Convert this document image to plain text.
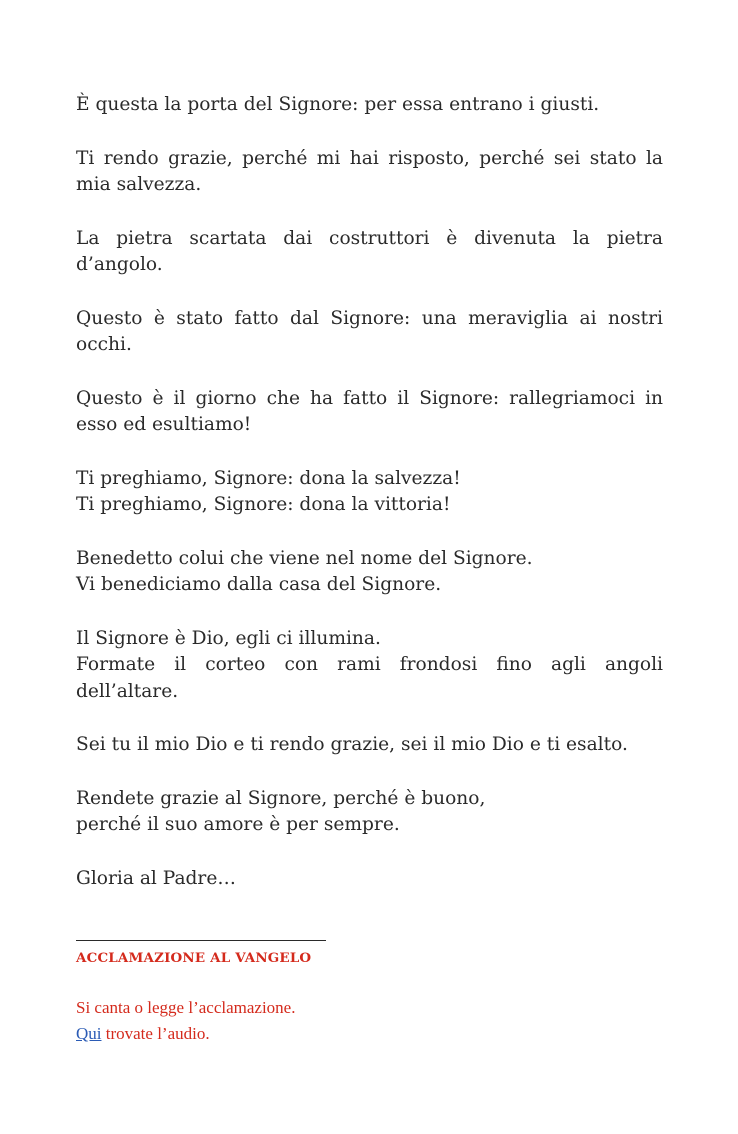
È questa la porta del Signore: per essa entrano i giusti.

Ti rendo grazie, perché mi hai risposto, perché sei stato la mia salvezza.

La pietra scartata dai costruttori è divenuta la pietra d’angolo.

Questo è stato fatto dal Signore: una meraviglia ai nostri occhi.

Questo è il giorno che ha fatto il Signore: rallegriamoci in esso ed esultiamo!

Ti preghiamo, Signore: dona la salvezza!
Ti preghiamo, Signore: dona la vittoria!

Benedetto colui che viene nel nome del Signore.
Vi benediciamo dalla casa del Signore.

Il Signore è Dio, egli ci illumina.
Formate il corteo con rami frondosi fino agli angoli dell’altare.

Sei tu il mio Dio e ti rendo grazie, sei il mio Dio e ti esalto.

Rendete grazie al Signore, perché è buono,
perché il suo amore è per sempre.

Gloria al Padre…

ACCLAMAZIONE AL VANGELO
Si canta o legge l’acclamazione.
Qui trovate l’audio.
